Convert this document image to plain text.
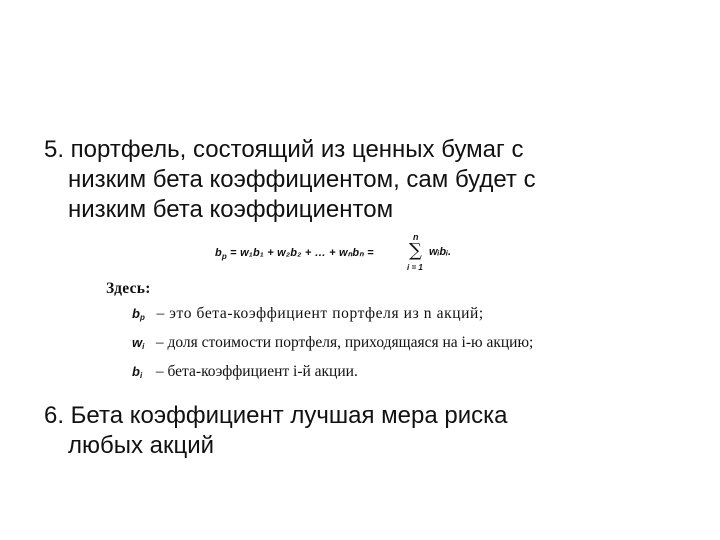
5. портфель, состоящий из ценных бумаг с
низким бета коэффициентом, сам будет с
низким бета коэффициентом
$b_p = w_1b_1 + w_2b_2$ + … + wₙbₙ =
n
∑
i = 1
wᵢbᵢ.
Здесь:
$b_p$ – это бета-коэффициент портфеля из n акций;
$w_i$ – доля стоимости портфеля, приходящаяся на i-ю акцию;
$b_i$ – бета-коэффициент i-й акции.
6. Бета коэффициент лучшая мера риска
любых акций
